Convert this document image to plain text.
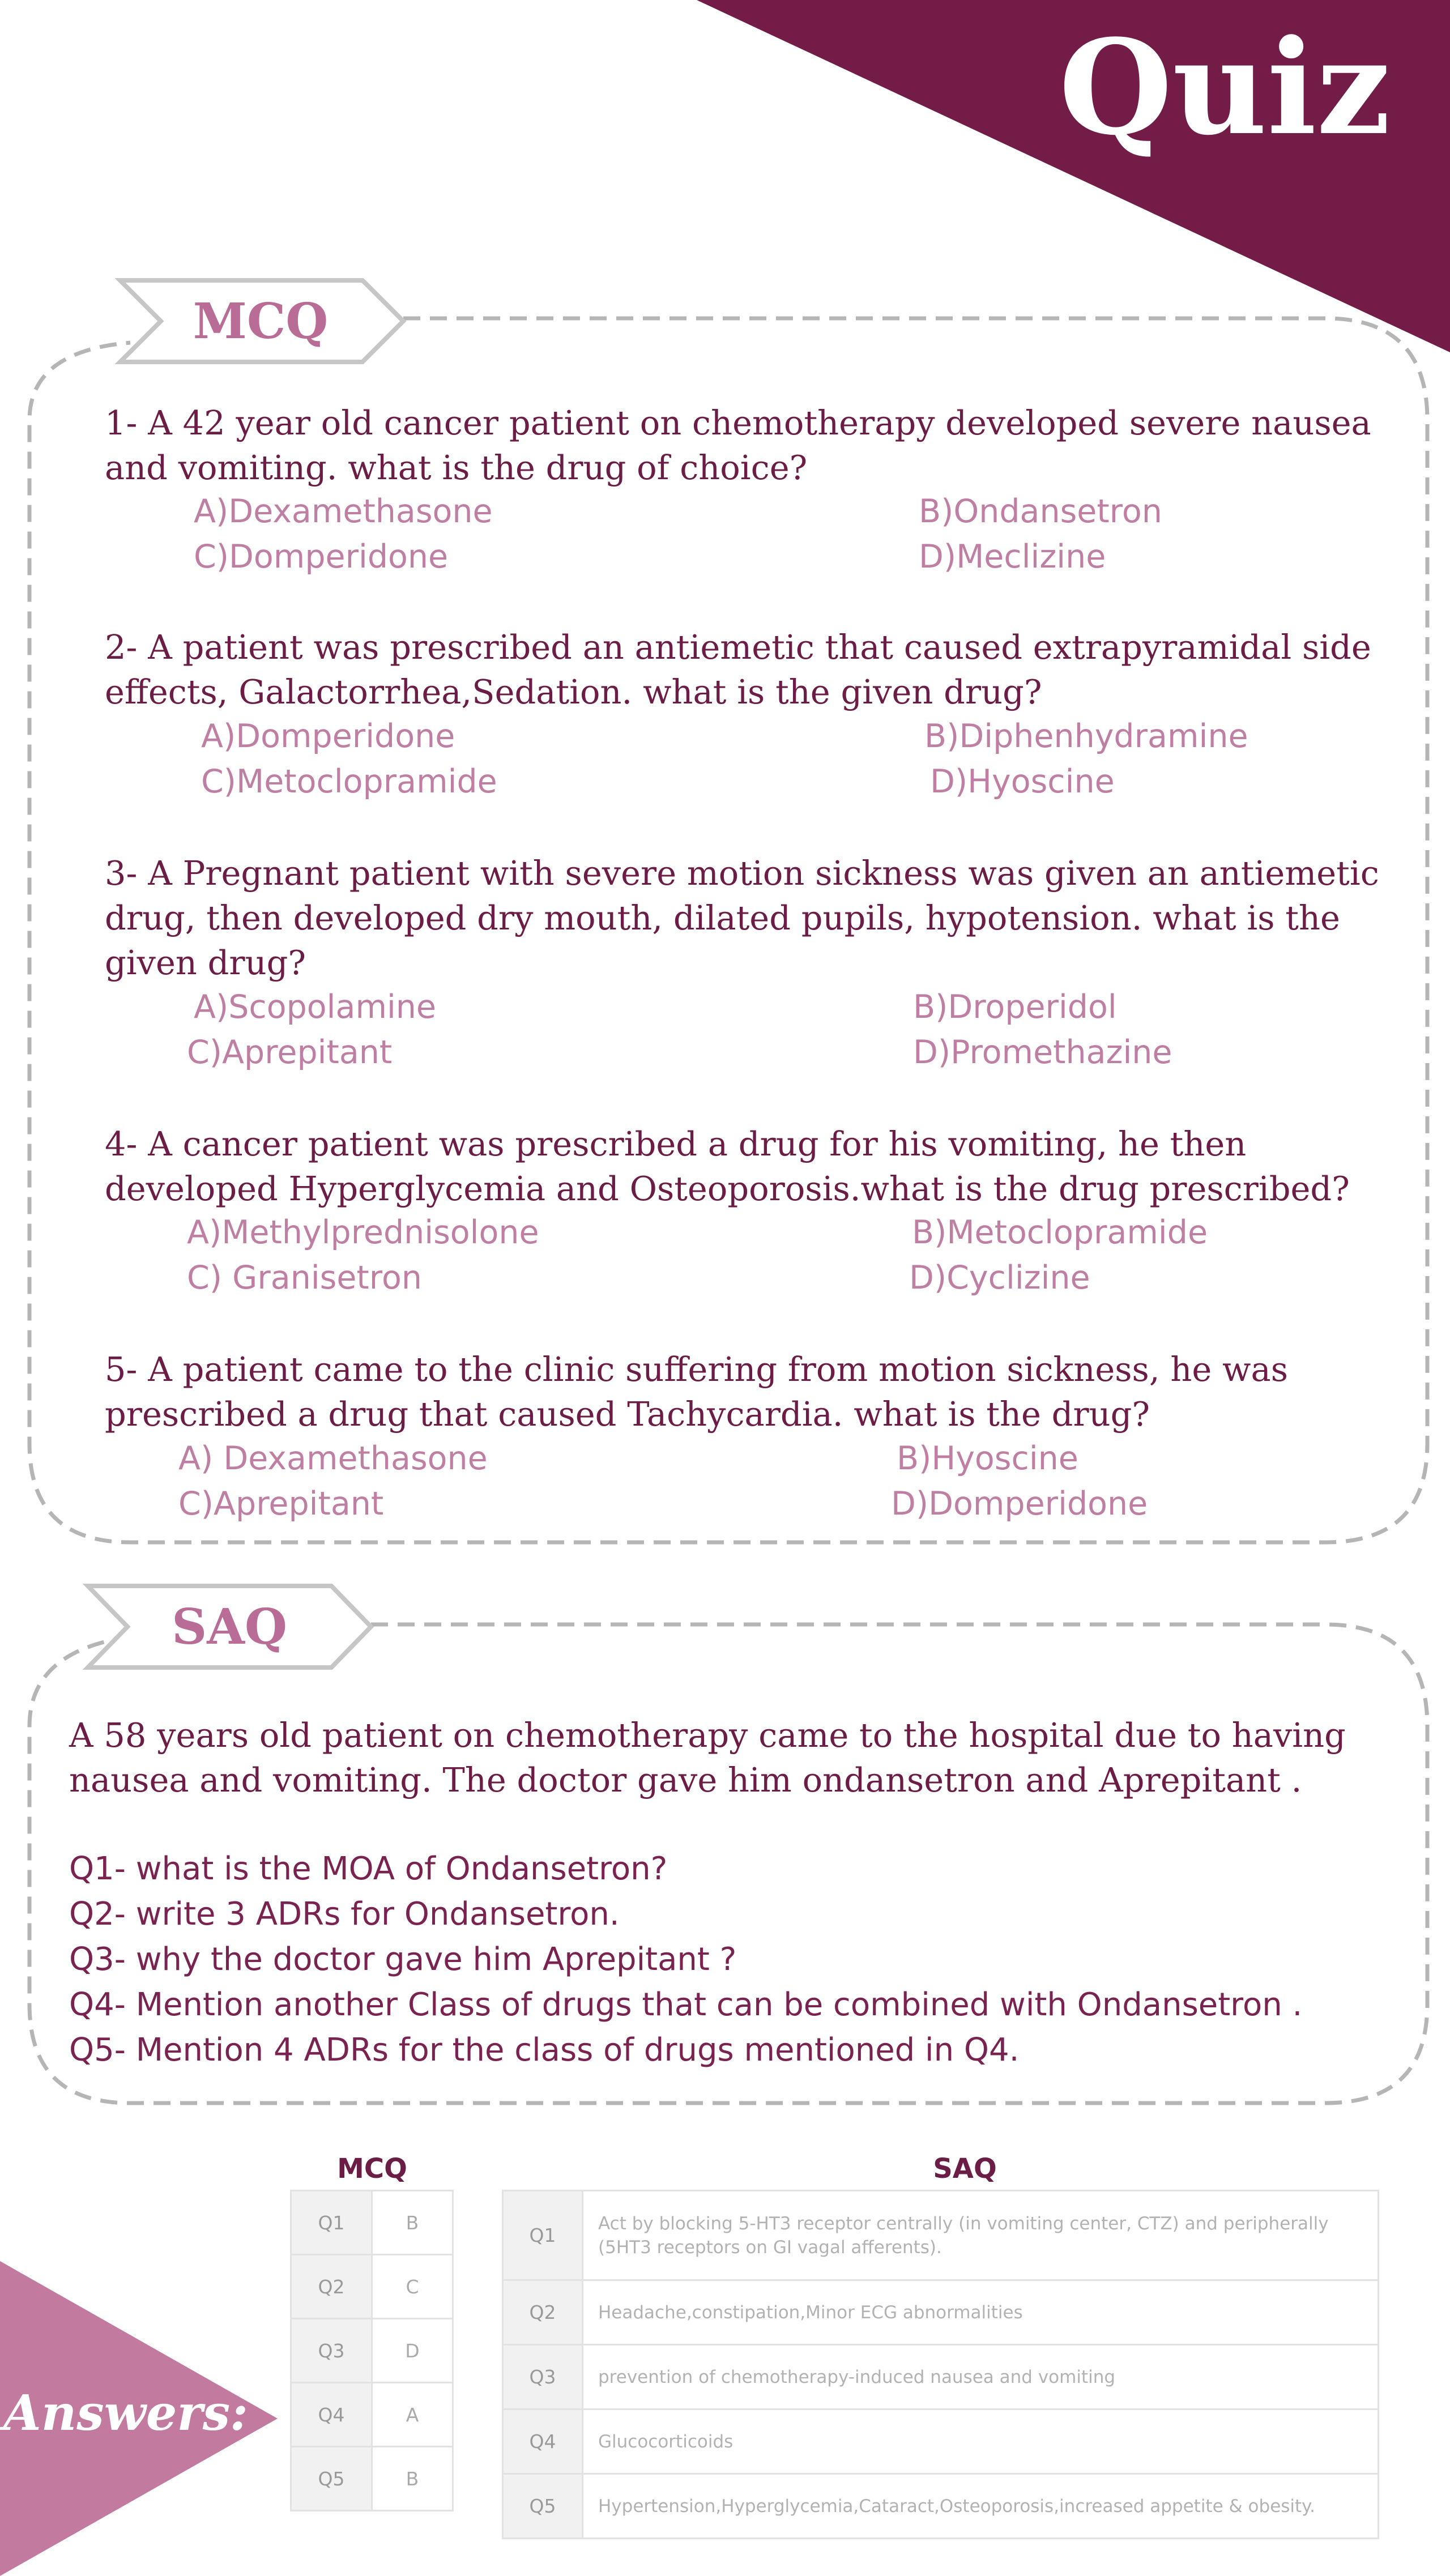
Quiz
MCQ
1- A 42 year old cancer patient on chemotherapy developed severe nausea
and vomiting. what is the drug of choice?
A)Dexamethasone	B)Ondansetron
C)Domperidone	D)Meclizine
2- A patient was prescribed an antiemetic that caused extrapyramidal side
effects, Galactorrhea,Sedation. what is the given drug?
A)Domperidone	B)Diphenhydramine
C)Metoclopramide	D)Hyoscine
3- A Pregnant patient with severe motion sickness was given an antiemetic
drug, then developed dry mouth, dilated pupils, hypotension. what is the
given drug?
A)Scopolamine	B)Droperidol
C)Aprepitant	D)Promethazine
4- A cancer patient was prescribed a drug for his vomiting, he then
developed Hyperglycemia and Osteoporosis.what is the drug prescribed?
A)Methylprednisolone	B)Metoclopramide
C) Granisetron	D)Cyclizine
5- A patient came to the clinic suffering from motion sickness, he was
prescribed a drug that caused Tachycardia. what is the drug?
A) Dexamethasone	B)Hyoscine
C)Aprepitant	D)Domperidone
SAQ
A 58 years old patient on chemotherapy came to the hospital due to having
nausea and vomiting. The doctor gave him ondansetron and Aprepitant .
Q1- what is the MOA of Ondansetron?
Q2- write 3 ADRs for Ondansetron.
Q3- why the doctor gave him Aprepitant ?
Q4- Mention another Class of drugs that can be combined with Ondansetron .
Q5- Mention 4 ADRs for the class of drugs mentioned in Q4.
MCQ	SAQ
Q1	B
Q2	C
Q3	D
Q4	A
Q5	B
Q1	Act by blocking 5-HT3 receptor centrally (in vomiting center, CTZ) and peripherally (5HT3 receptors on GI vagal afferents).
Q2	Headache,constipation,Minor ECG abnormalities
Q3	prevention of chemotherapy-induced nausea and vomiting
Q4	Glucocorticoids
Q5	Hypertension,Hyperglycemia,Cataract,Osteoporosis,increased appetite & obesity.
Answers:
